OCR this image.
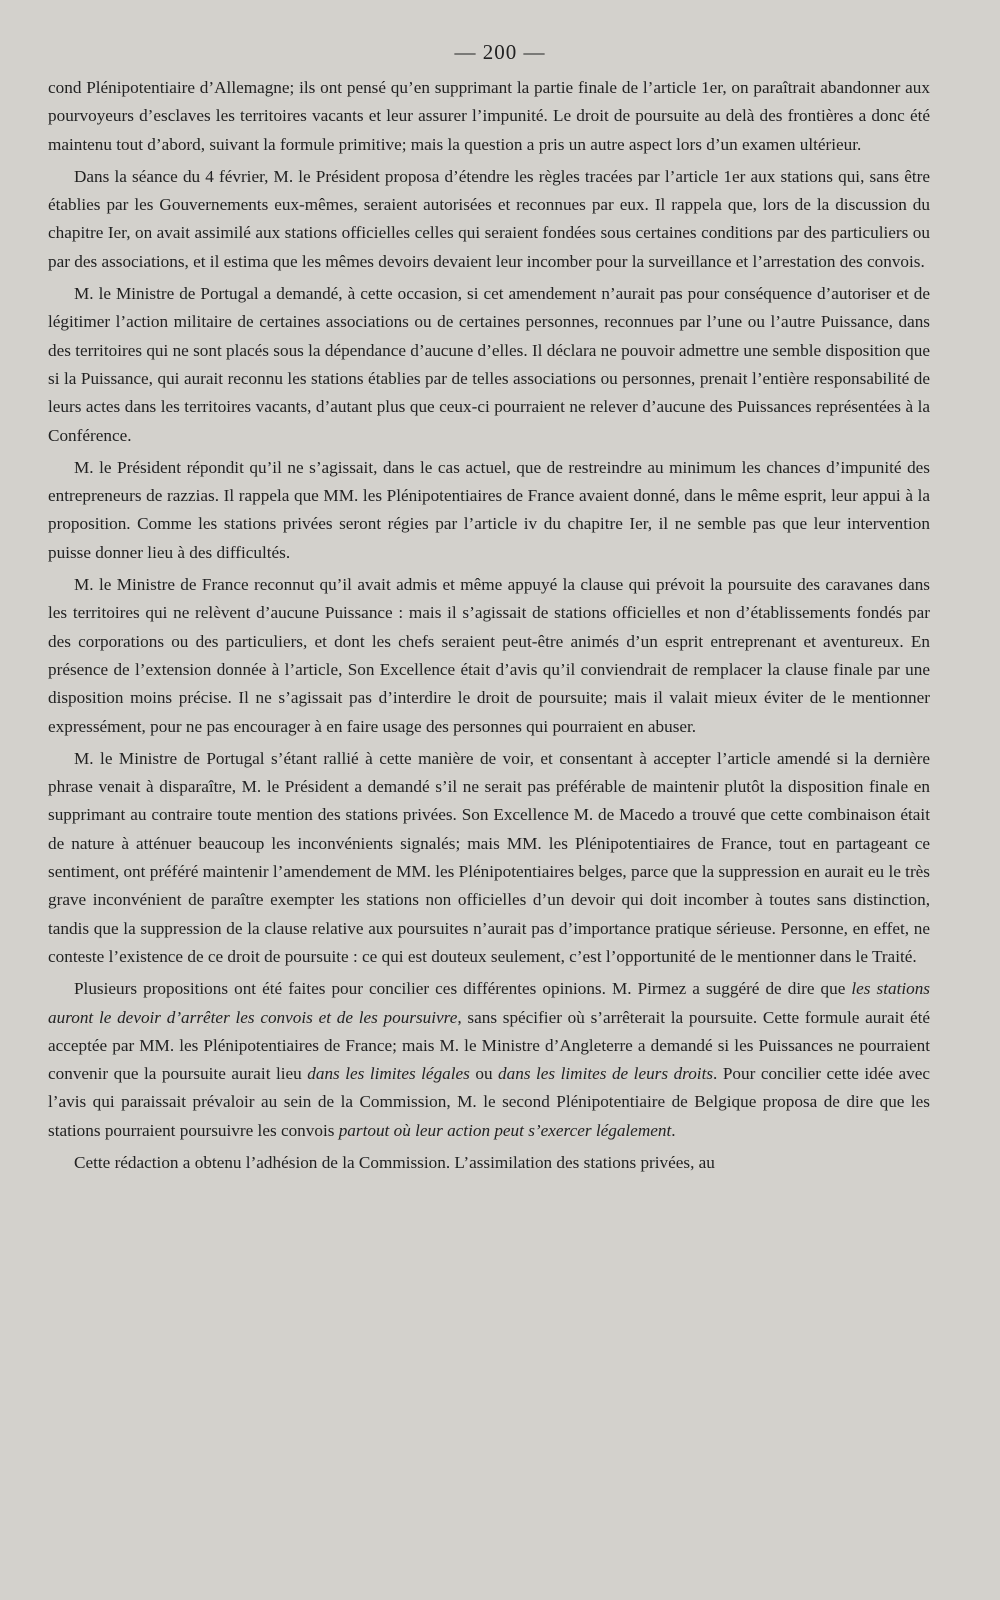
— 200 —

cond Plénipotentiaire d’Allemagne; ils ont pensé qu’en supprimant la partie finale de l’article 1er, on paraîtrait abandonner aux pourvoyeurs d’esclaves les territoires vacants et leur assurer l’impunité. Le droit de poursuite au delà des frontières a donc été maintenu tout d’abord, suivant la formule primitive; mais la question a pris un autre aspect lors d’un examen ultérieur.

Dans la séance du 4 février, M. le Président proposa d’étendre les règles tracées par l’article 1er aux stations qui, sans être établies par les Gouvernements eux-mêmes, seraient autorisées et reconnues par eux. Il rappela que, lors de la discussion du chapitre Ier, on avait assimilé aux stations officielles celles qui seraient fondées sous certaines conditions par des particuliers ou par des associations, et il estima que les mêmes devoirs devaient leur incomber pour la surveillance et l’arrestation des convois.

M. le Ministre de Portugal a demandé, à cette occasion, si cet amendement n’aurait pas pour conséquence d’autoriser et de légitimer l’action militaire de certaines associations ou de certaines personnes, reconnues par l’une ou l’autre Puissance, dans des territoires qui ne sont placés sous la dépendance d’aucune d’elles. Il déclara ne pouvoir admettre une semble disposition que si la Puissance, qui aurait reconnu les stations établies par de telles associations ou personnes, prenait l’entière responsabilité de leurs actes dans les territoires vacants, d’autant plus que ceux-ci pourraient ne relever d’aucune des Puissances représentées à la Conférence.

M. le Président répondit qu’il ne s’agissait, dans le cas actuel, que de restreindre au minimum les chances d’impunité des entrepreneurs de razzias. Il rappela que MM. les Plénipotentiaires de France avaient donné, dans le même esprit, leur appui à la proposition. Comme les stations privées seront régies par l’article iv du chapitre Ier, il ne semble pas que leur intervention puisse donner lieu à des difficultés.

M. le Ministre de France reconnut qu’il avait admis et même appuyé la clause qui prévoit la poursuite des caravanes dans les territoires qui ne relèvent d’aucune Puissance : mais il s’agissait de stations officielles et non d’établissements fondés par des corporations ou des particuliers, et dont les chefs seraient peut-être animés d’un esprit entreprenant et aventureux. En présence de l’extension donnée à l’article, Son Excellence était d’avis qu’il conviendrait de remplacer la clause finale par une disposition moins précise. Il ne s’agissait pas d’interdire le droit de poursuite; mais il valait mieux éviter de le mentionner expressément, pour ne pas encourager à en faire usage des personnes qui pourraient en abuser.

M. le Ministre de Portugal s’étant rallié à cette manière de voir, et consentant à accepter l’article amendé si la dernière phrase venait à disparaître, M. le Président a demandé s’il ne serait pas préférable de maintenir plutôt la disposition finale en supprimant au contraire toute mention des stations privées. Son Excellence M. de Macedo a trouvé que cette combinaison était de nature à atténuer beaucoup les inconvénients signalés; mais MM. les Plénipotentiaires de France, tout en partageant ce sentiment, ont préféré maintenir l’amendement de MM. les Plénipotentiaires belges, parce que la suppression en aurait eu le très grave inconvénient de paraître exempter les stations non officielles d’un devoir qui doit incomber à toutes sans distinction, tandis que la suppression de la clause relative aux poursuites n’aurait pas d’importance pratique sérieuse. Personne, en effet, ne conteste l’existence de ce droit de poursuite : ce qui est douteux seulement, c’est l’opportunité de le mentionner dans le Traité.

Plusieurs propositions ont été faites pour concilier ces différentes opinions. M. Pirmez a suggéré de dire que les stations auront le devoir d’arrêter les convois et de les poursuivre, sans spécifier où s’arrêterait la poursuite. Cette formule aurait été acceptée par MM. les Plénipotentiaires de France; mais M. le Ministre d’Angleterre a demandé si les Puissances ne pourraient convenir que la poursuite aurait lieu dans les limites légales ou dans les limites de leurs droits. Pour concilier cette idée avec l’avis qui paraissait prévaloir au sein de la Commission, M. le second Plénipotentiaire de Belgique proposa de dire que les stations pourraient poursuivre les convois partout où leur action peut s’exercer légalement.

Cette rédaction a obtenu l’adhésion de la Commission. L’assimilation des stations privées, au
